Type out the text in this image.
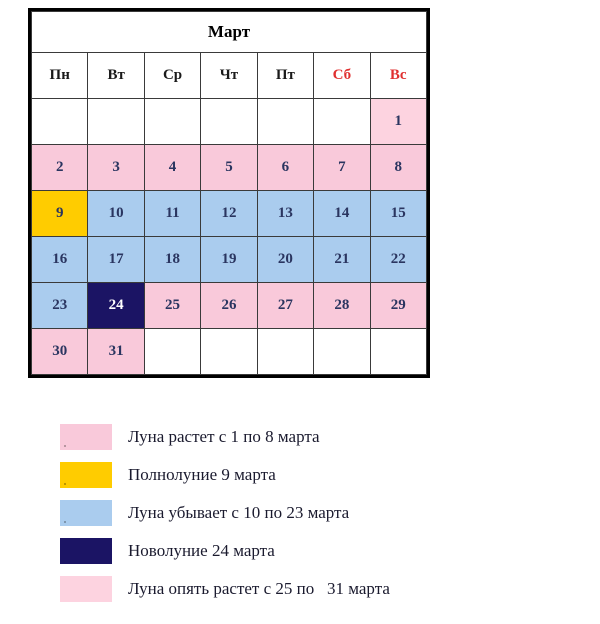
Март						
Пн	Вт	Ср	Чт	Пт	Сб	Вс
						1
2	3	4	5	6	7	8
9	10	11	12	13	14	15
16	17	18	19	20	21	22
23	24	25	26	27	28	29
30	31					
Луна растет с 1 по 8 марта
Полнолуние 9 марта
Луна убывает с 10 по 23 марта
Новолуние 24 марта
Луна опять растет с 25 по   31 марта
